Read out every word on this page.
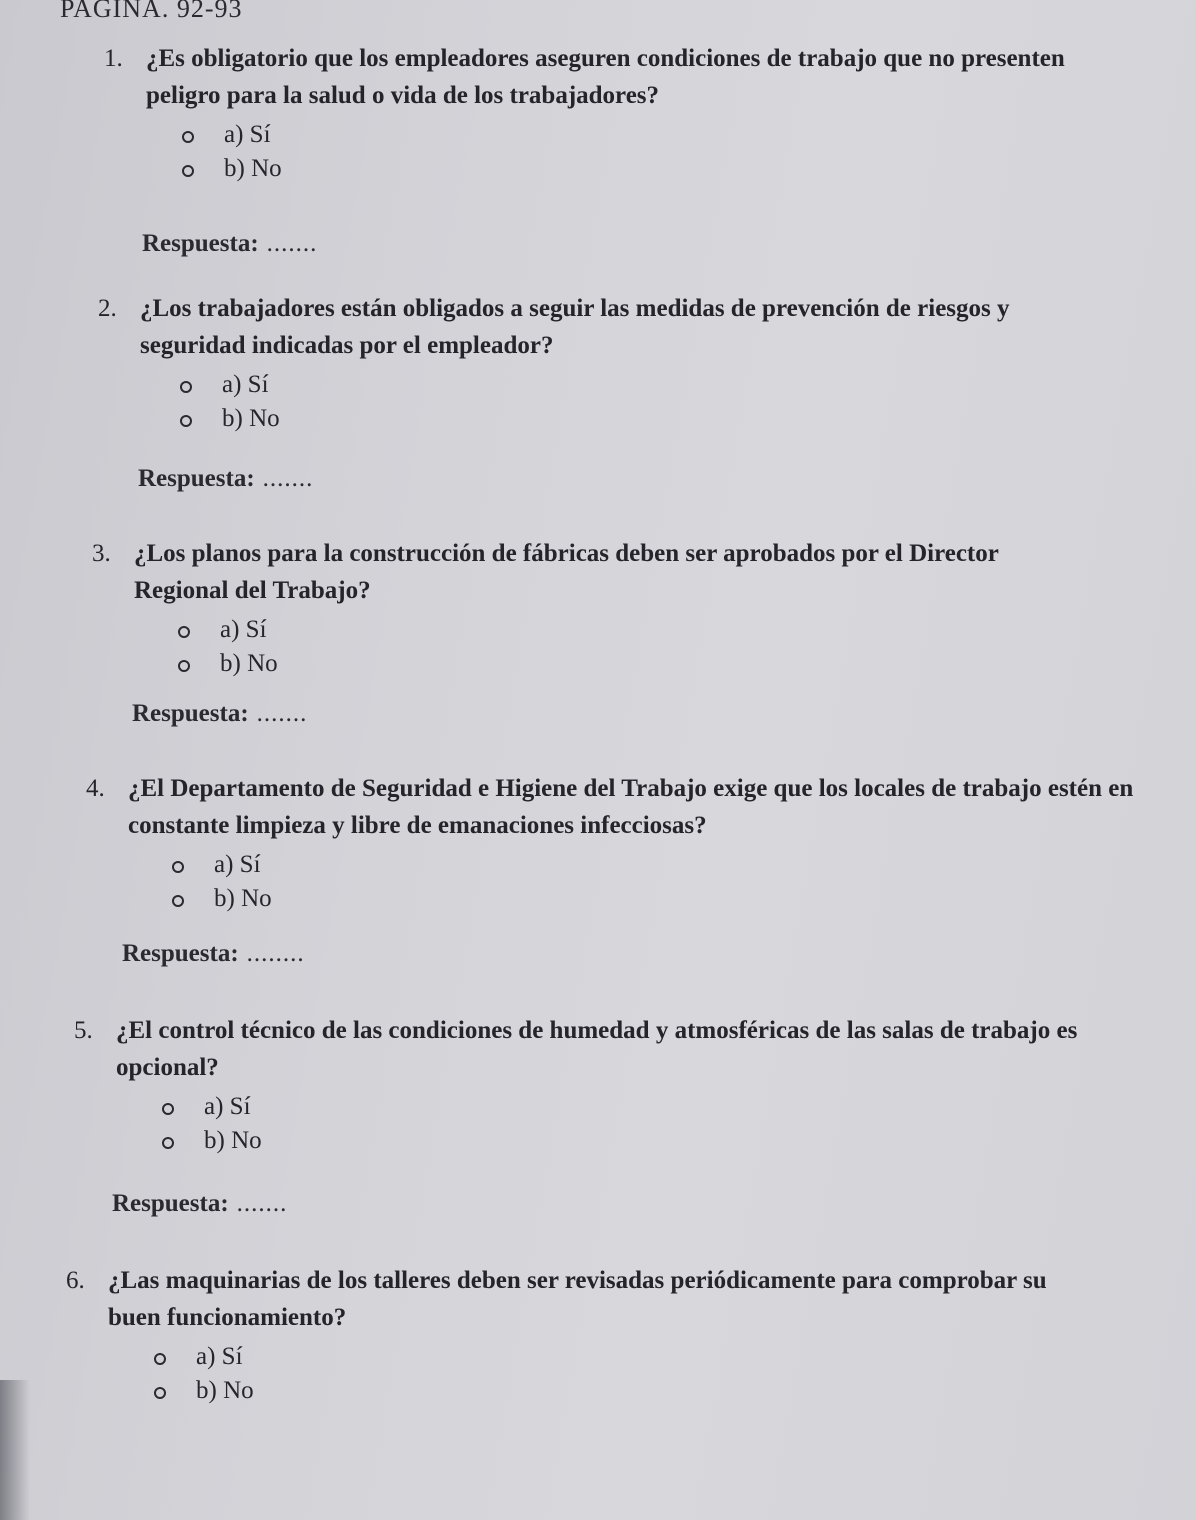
PAGINA. 92-93
1. ¿Es obligatorio que los empleadores aseguren condiciones de trabajo que no presenten peligro para la salud o vida de los trabajadores?
a) Sí
b) No
Respuesta: .......
2. ¿Los trabajadores están obligados a seguir las medidas de prevención de riesgos y seguridad indicadas por el empleador?
a) Sí
b) No
Respuesta: .......
3. ¿Los planos para la construcción de fábricas deben ser aprobados por el Director Regional del Trabajo?
a) Sí
b) No
Respuesta: .......
4. ¿El Departamento de Seguridad e Higiene del Trabajo exige que los locales de trabajo estén en constante limpieza y libre de emanaciones infecciosas?
a) Sí
b) No
Respuesta: ........
5. ¿El control técnico de las condiciones de humedad y atmosféricas de las salas de trabajo es opcional?
a) Sí
b) No
Respuesta: .......
6. ¿Las maquinarias de los talleres deben ser revisadas periódicamente para comprobar su buen funcionamiento?
a) Sí
b) No
